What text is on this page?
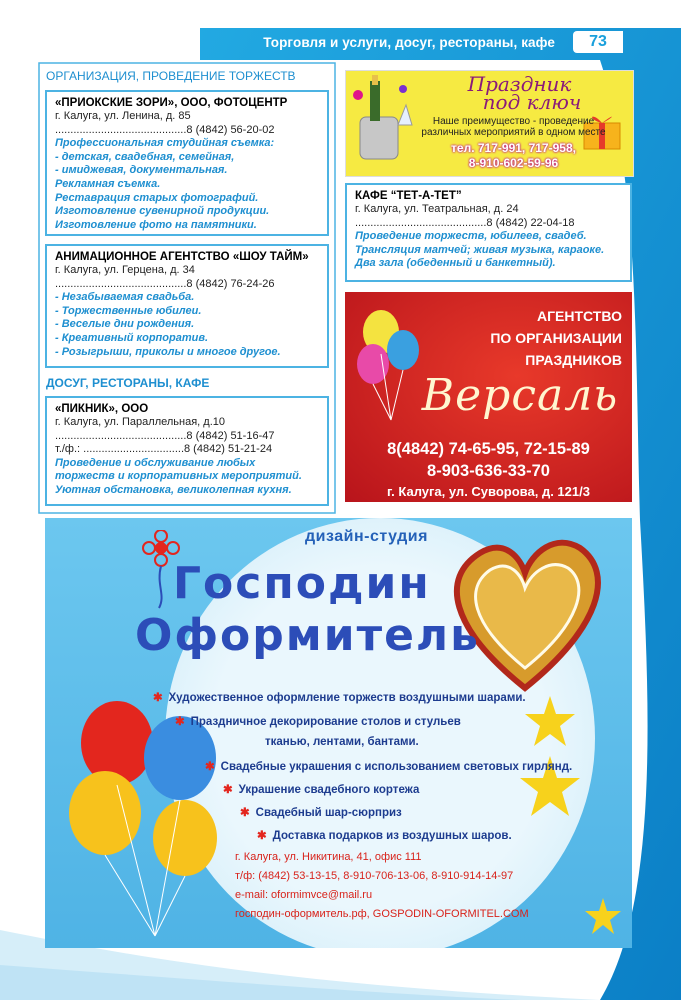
Торговля и услуги, досуг, рестораны, кафе	73
ОРГАНИЗАЦИЯ, ПРОВЕДЕНИЕ ТОРЖЕСТВ
«ПРИОКСКИЕ ЗОРИ», ООО, ФОТОЦЕНТР
г. Калуга, ул. Ленина, д. 85
...........................................8 (4842) 56-20-02
Профессиональная студийная съемка:
- детская, свадебная, семейная,
- имиджевая, документальная.
Рекламная съемка.
Реставрация старых фотографий.
Изготовление сувенирной продукции.
Изготовление фото на памятники.
АНИМАЦИОННОЕ АГЕНТСТВО «ШОУ ТАЙМ»
г. Калуга, ул. Герцена, д. 34
...........................................8 (4842) 76-24-26
- Незабываемая свадьба.
- Торжественные юбилеи.
- Веселые дни рождения.
- Креативный корпоратив.
- Розыгрыши, приколы и многое другое.
ДОСУГ, РЕСТОРАНЫ, КАФЕ
«ПИКНИК», ООО
г. Калуга, ул. Параллельная, д.10
...........................................8 (4842) 51-16-47
т./ф.: .................................8 (4842) 51-21-24
Проведение и обслуживание любых
торжеств и корпоративных мероприятий.
Уютная обстановка, великолепная кухня.
Праздник
под ключ
Наше преимущество - проведение
различных мероприятий в одном месте
тел. 717-991, 717-958,
8-910-602-59-96
КАФЕ “ТЕТ-А-ТЕТ”
г. Калуга, ул. Театральная, д. 24
...........................................8 (4842) 22-04-18
Проведение торжеств, юбилеев, свадеб.
Трансляция матчей; живая музыка, караоке.
Два зала (обеденный и банкетный).
АГЕНТСТВО
ПО ОРГАНИЗАЦИИ
ПРАЗДНИКОВ
Версаль
8(4842) 74-65-95, 72-15-89
8-903-636-33-70
г. Калуга, ул. Суворова, д. 121/3
дизайн-студия
Господин
Оформитель
✱ Художественное оформление торжеств воздушными шарами.
✱ Праздничное декорирование столов и стульев
тканью, лентами, бантами.
✱ Свадебные украшения с использованием световых гирлянд.
✱ Украшение свадебного кортежа
✱ Свадебный шар-сюрприз
✱ Доставка подарков из воздушных шаров.
г. Калуга, ул. Никитина, 41, офис 111
т/ф: (4842) 53-13-15, 8-910-706-13-06, 8-910-914-14-97
e-mail: oformimvce@mail.ru
господин-оформитель.рф, GOSPODIN-OFORMITEL.COM
